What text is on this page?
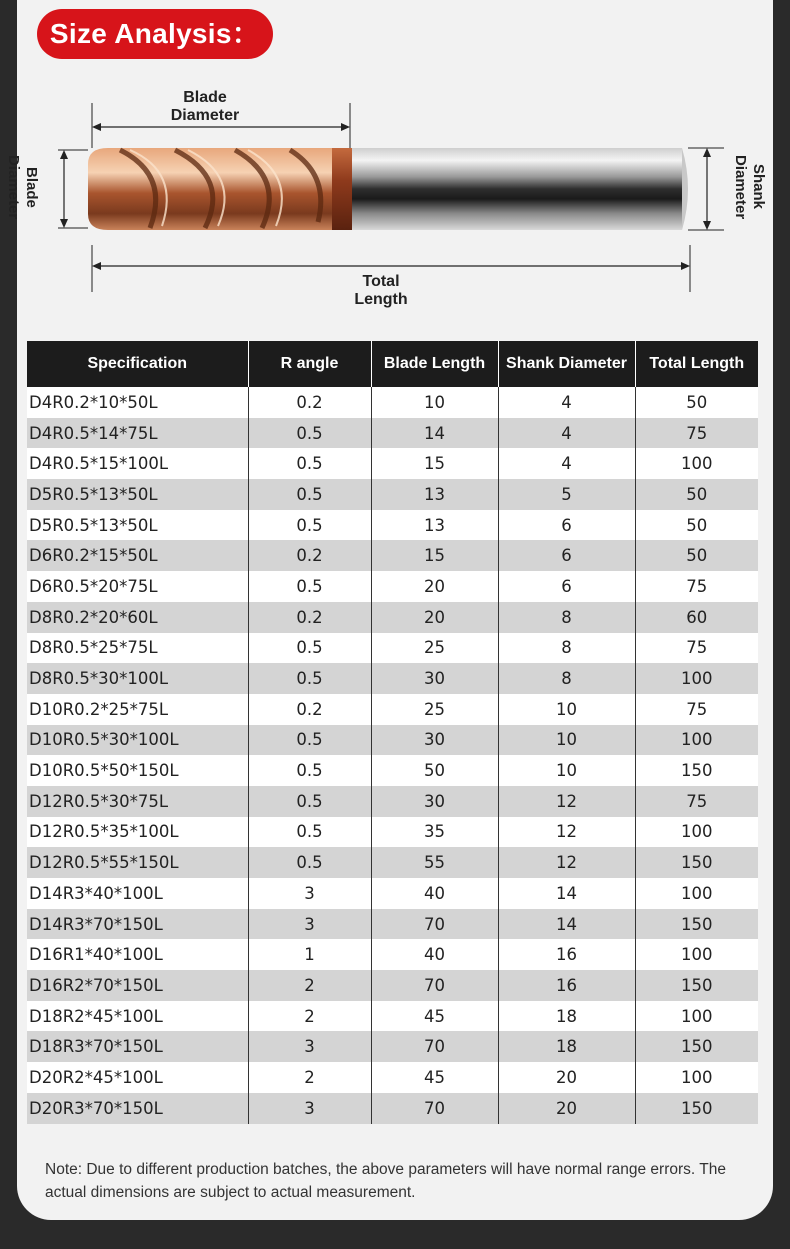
Size Analysis：
Blade Diameter
Blade Diameter	Shank Diameter
Total Length
Specification	R angle	Blade Length	Shank Diameter	Total Length
D4R0.2*10*50L	0.2	10	4	50
D4R0.5*14*75L	0.5	14	4	75
D4R0.5*15*100L	0.5	15	4	100
D5R0.5*13*50L	0.5	13	5	50
D5R0.5*13*50L	0.5	13	6	50
D6R0.2*15*50L	0.2	15	6	50
D6R0.5*20*75L	0.5	20	6	75
D8R0.2*20*60L	0.2	20	8	60
D8R0.5*25*75L	0.5	25	8	75
D8R0.5*30*100L	0.5	30	8	100
D10R0.2*25*75L	0.2	25	10	75
D10R0.5*30*100L	0.5	30	10	100
D10R0.5*50*150L	0.5	50	10	150
D12R0.5*30*75L	0.5	30	12	75
D12R0.5*35*100L	0.5	35	12	100
D12R0.5*55*150L	0.5	55	12	150
D14R3*40*100L	3	40	14	100
D14R3*70*150L	3	70	14	150
D16R1*40*100L	1	40	16	100
D16R2*70*150L	2	70	16	150
D18R2*45*100L	2	45	18	100
D18R3*70*150L	3	70	18	150
D20R2*45*100L	2	45	20	100
D20R3*70*150L	3	70	20	150
Note: Due to different production batches, the above parameters will have normal range errors. The actual dimensions are subject to actual measurement.
